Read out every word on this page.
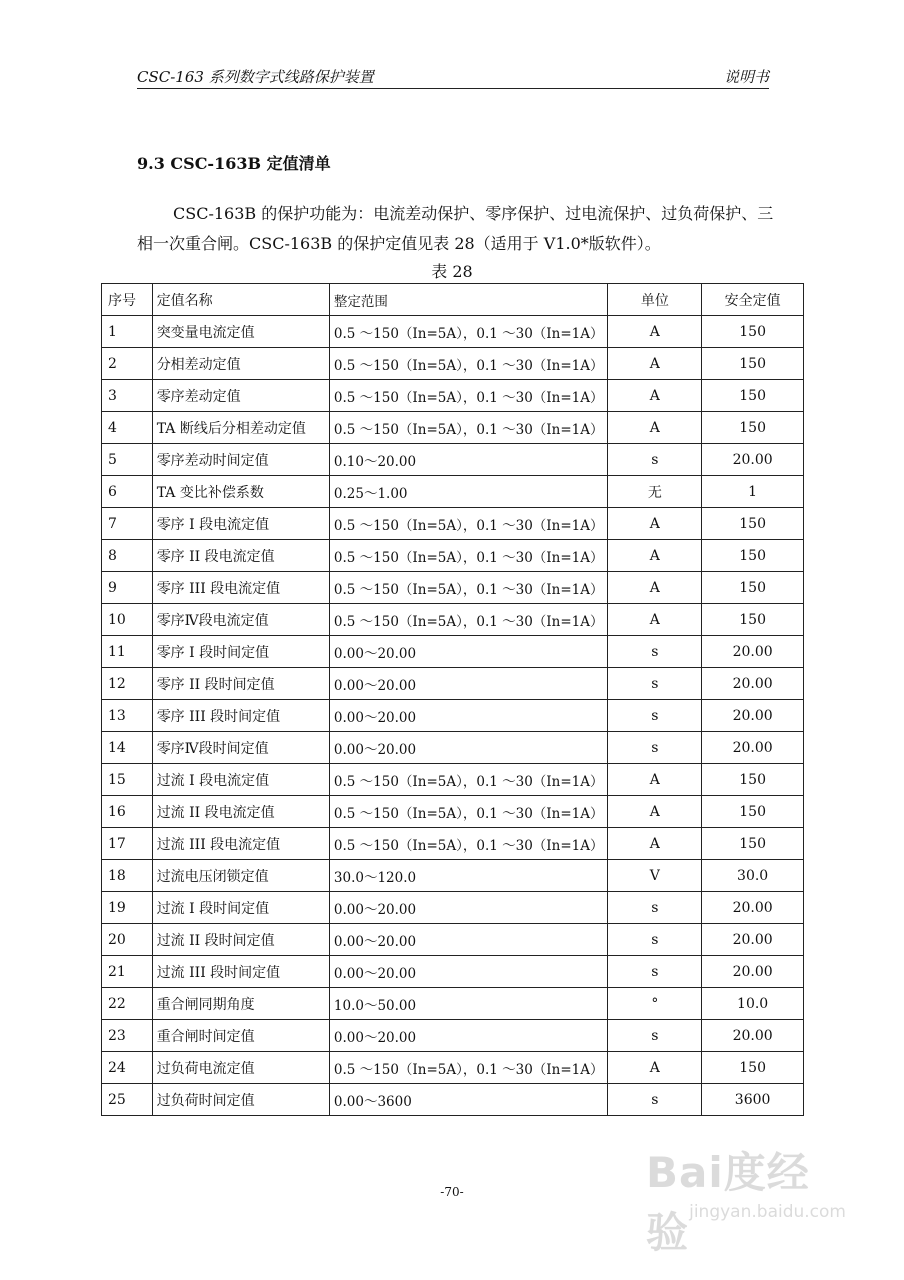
CSC-163 系列数字式线路保护装置	说明书
9.3 CSC-163B 定值清单
CSC-163B 的保护功能为：电流差动保护、零序保护、过电流保护、过负荷保护、三相一次重合闸。CSC-163B 的保护定值见表 28（适用于 V1.0*版软件）。
表 28
序号	定值名称	整定范围	单位	安全定值
1	突变量电流定值	0.5 ～150（In=5A），0.1 ～30（In=1A）	A	150
2	分相差动定值	0.5 ～150（In=5A），0.1 ～30（In=1A）	A	150
3	零序差动定值	0.5 ～150（In=5A），0.1 ～30（In=1A）	A	150
4	TA 断线后分相差动定值	0.5 ～150（In=5A），0.1 ～30（In=1A）	A	150
5	零序差动时间定值	0.10～20.00	s	20.00
6	TA 变比补偿系数	0.25～1.00	无	1
7	零序 I 段电流定值	0.5 ～150（In=5A），0.1 ～30（In=1A）	A	150
8	零序 II 段电流定值	0.5 ～150（In=5A），0.1 ～30（In=1A）	A	150
9	零序 III 段电流定值	0.5 ～150（In=5A），0.1 ～30（In=1A）	A	150
10	零序Ⅳ段电流定值	0.5 ～150（In=5A），0.1 ～30（In=1A）	A	150
11	零序 I 段时间定值	0.00～20.00	s	20.00
12	零序 II 段时间定值	0.00～20.00	s	20.00
13	零序 III 段时间定值	0.00～20.00	s	20.00
14	零序Ⅳ段时间定值	0.00～20.00	s	20.00
15	过流 I 段电流定值	0.5 ～150（In=5A），0.1 ～30（In=1A）	A	150
16	过流 II 段电流定值	0.5 ～150（In=5A），0.1 ～30（In=1A）	A	150
17	过流 III 段电流定值	0.5 ～150（In=5A），0.1 ～30（In=1A）	A	150
18	过流电压闭锁定值	30.0～120.0	V	30.0
19	过流 I 段时间定值	0.00～20.00	s	20.00
20	过流 II 段时间定值	0.00～20.00	s	20.00
21	过流 III 段时间定值	0.00～20.00	s	20.00
22	重合闸同期角度	10.0～50.00	°	10.0
23	重合闸时间定值	0.00～20.00	s	20.00
24	过负荷电流定值	0.5 ～150（In=5A），0.1 ～30（In=1A）	A	150
25	过负荷时间定值	0.00～3600	s	3600
-70-	Bai度经验 jingyan.baidu.com
